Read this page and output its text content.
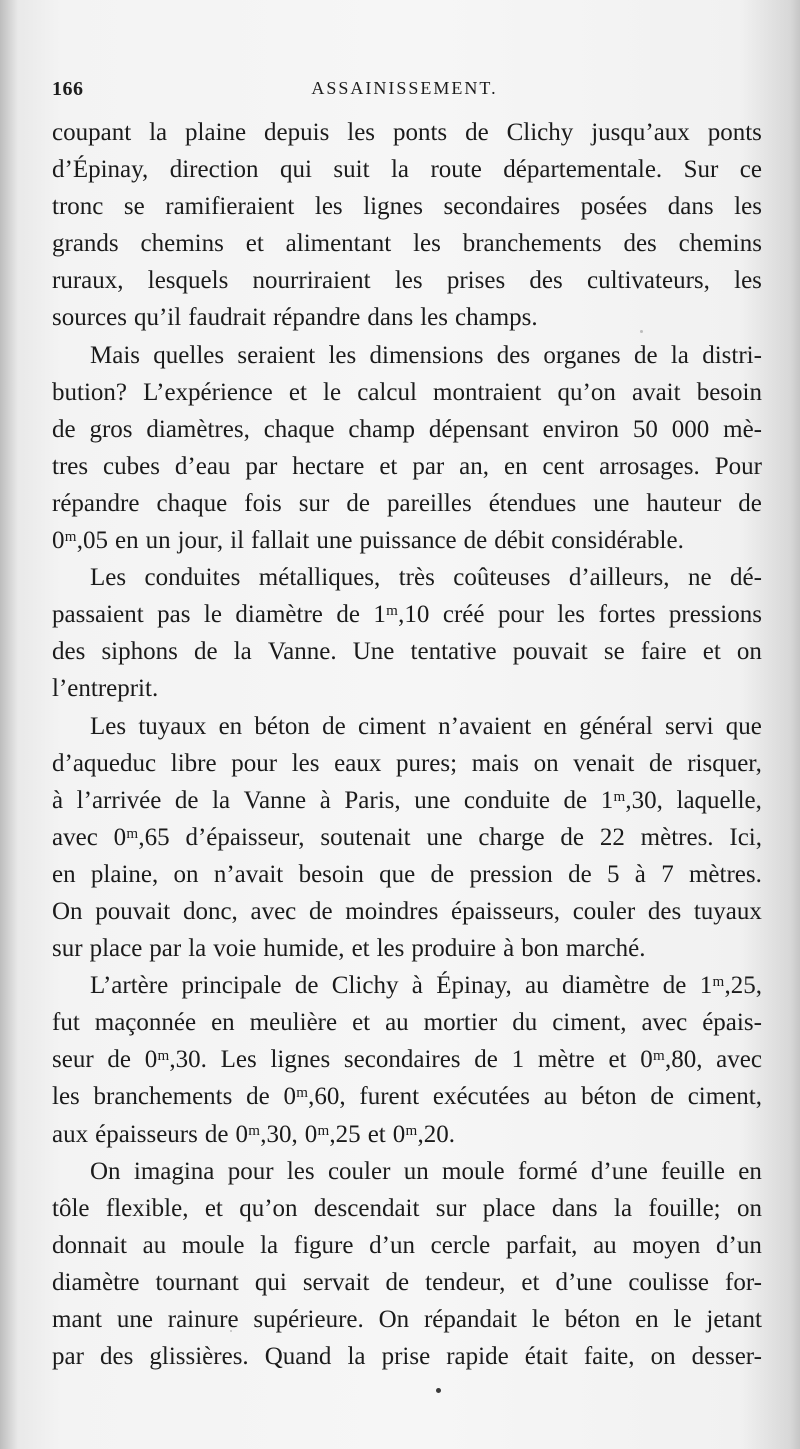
166	ASSAINISSEMENT.
coupant la plaine depuis les ponts de Clichy jusqu’aux ponts
d’Épinay, direction qui suit la route départementale. Sur ce
tronc se ramifieraient les lignes secondaires posées dans les
grands chemins et alimentant les branchements des chemins
ruraux, lesquels nourriraient les prises des cultivateurs, les
sources qu’il faudrait répandre dans les champs.
Mais quelles seraient les dimensions des organes de la distri-
bution? L’expérience et le calcul montraient qu’on avait besoin
de gros diamètres, chaque champ dépensant environ 50 000 mè-
tres cubes d’eau par hectare et par an, en cent arrosages. Pour
répandre chaque fois sur de pareilles étendues une hauteur de
0ᵐ,05 en un jour, il fallait une puissance de débit considérable.
Les conduites métalliques, très coûteuses d’ailleurs, ne dé-
passaient pas le diamètre de 1ᵐ,10 créé pour les fortes pressions
des siphons de la Vanne. Une tentative pouvait se faire et on
l’entreprit.
Les tuyaux en béton de ciment n’avaient en général servi que
d’aqueduc libre pour les eaux pures; mais on venait de risquer,
à l’arrivée de la Vanne à Paris, une conduite de 1ᵐ,30, laquelle,
avec 0ᵐ,65 d’épaisseur, soutenait une charge de 22 mètres. Ici,
en plaine, on n’avait besoin que de pression de 5 à 7 mètres.
On pouvait donc, avec de moindres épaisseurs, couler des tuyaux
sur place par la voie humide, et les produire à bon marché.
L’artère principale de Clichy à Épinay, au diamètre de 1ᵐ,25,
fut maçonnée en meulière et au mortier du ciment, avec épais-
seur de 0ᵐ,30. Les lignes secondaires de 1 mètre et 0ᵐ,80, avec
les branchements de 0ᵐ,60, furent exécutées au béton de ciment,
aux épaisseurs de 0ᵐ,30, 0ᵐ,25 et 0ᵐ,20.
On imagina pour les couler un moule formé d’une feuille en
tôle flexible, et qu’on descendait sur place dans la fouille; on
donnait au moule la figure d’un cercle parfait, au moyen d’un
diamètre tournant qui servait de tendeur, et d’une coulisse for-
mant une rainure supérieure. On répandait le béton en le jetant
par des glissières. Quand la prise rapide était faite, on desser-
